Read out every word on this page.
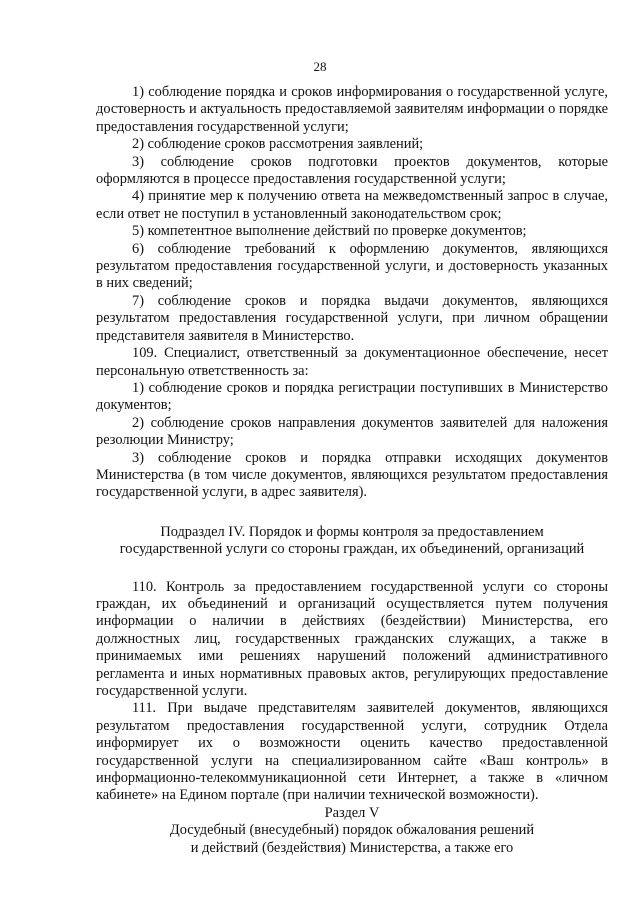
28

1) соблюдение порядка и сроков информирования о государственной услуге, достоверность и актуальность предоставляемой заявителям информации о порядке предоставления государственной услуги;

2) соблюдение сроков рассмотрения заявлений;

3) соблюдение сроков подготовки проектов документов, которые оформляются в процессе предоставления государственной услуги;

4) принятие мер к получению ответа на межведомственный запрос в случае, если ответ не поступил в установленный законодательством срок;

5) компетентное выполнение действий по проверке документов;

6) соблюдение требований к оформлению документов, являющихся результатом предоставления государственной услуги, и достоверность указанных в них сведений;

7) соблюдение сроков и порядка выдачи документов, являющихся результатом предоставления государственной услуги, при личном обращении представителя заявителя в Министерство.

109. Специалист, ответственный за документационное обеспечение, несет персональную ответственность за:

1) соблюдение сроков и порядка регистрации поступивших в Министерство документов;

2) соблюдение сроков направления документов заявителей для наложения резолюции Министру;

3) соблюдение сроков и порядка отправки исходящих документов Министерства (в том числе документов, являющихся результатом предоставления государственной услуги, в адрес заявителя).

Подраздел IV. Порядок и формы контроля за предоставлением
государственной услуги со стороны граждан, их объединений, организаций

110. Контроль за предоставлением государственной услуги со стороны граждан, их объединений и организаций осуществляется путем получения информации о наличии в действиях (бездействии) Министерства, его должностных лиц, государственных гражданских служащих, а также в принимаемых ими решениях нарушений положений административного регламента и иных нормативных правовых актов, регулирующих предоставление государственной услуги.

111. При выдаче представителям заявителей документов, являющихся результатом предоставления государственной услуги, сотрудник Отдела информирует их о возможности оценить качество предоставленной государственной услуги на специализированном сайте «Ваш контроль» в информационно-телекоммуникационной сети Интернет, а также в «личном кабинете» на Едином портале (при наличии технической возможности).

Раздел V
Досудебный (внесудебный) порядок обжалования решений
и действий (бездействия) Министерства, а также его
